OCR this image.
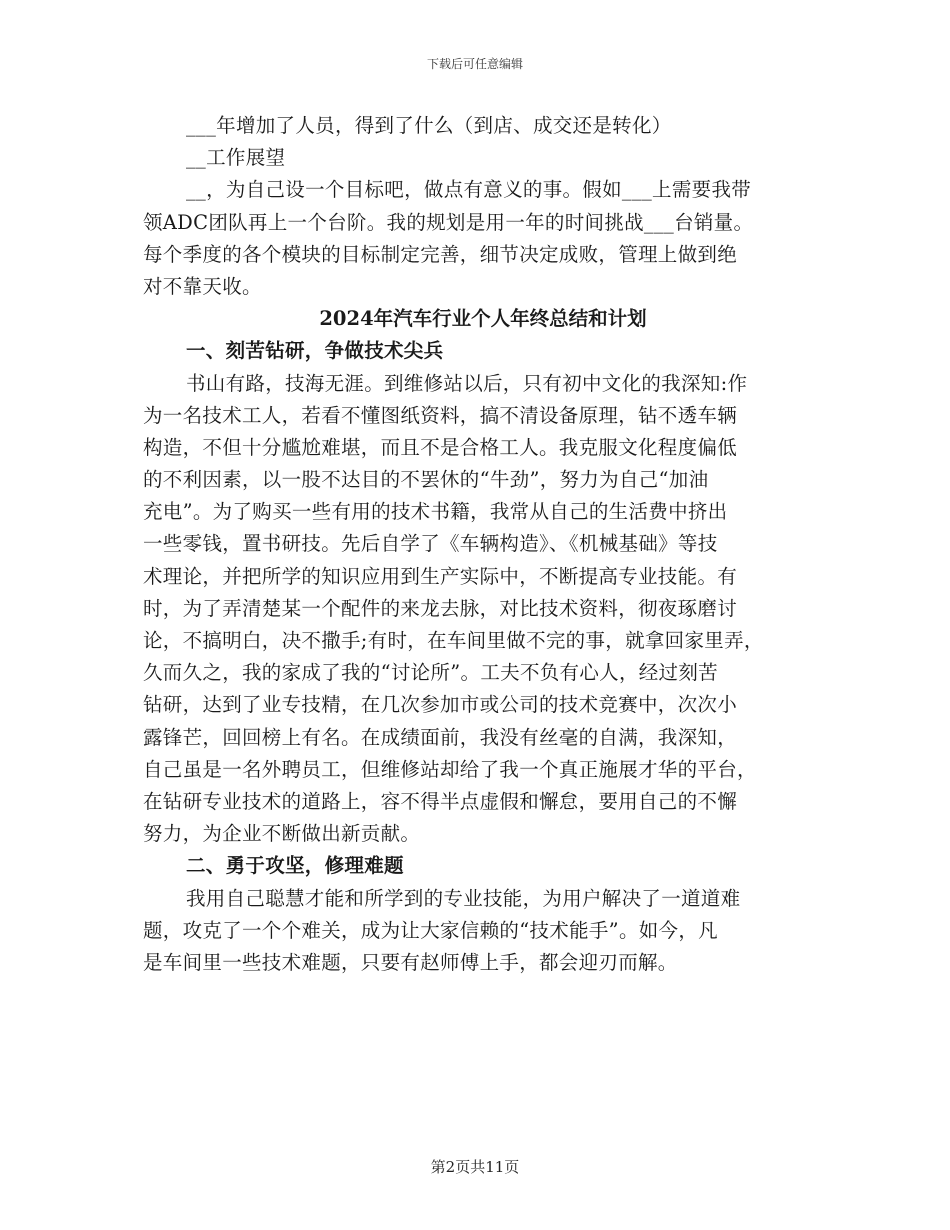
下载后可任意编辑
___年增加了人员，得到了什么（到店、成交还是转化）
__工作展望
__，为自己设一个目标吧，做点有意义的事。假如___上需要我带
领ADC团队再上一个台阶。我的规划是用一年的时间挑战___台销量。
每个季度的各个模块的目标制定完善，细节决定成败，管理上做到绝
对不靠天收。
2024年汽车行业个人年终总结和计划
一、刻苦钻研，争做技术尖兵
书山有路，技海无涯。到维修站以后，只有初中文化的我深知:作
为一名技术工人，若看不懂图纸资料，搞不清设备原理，钻不透车辆
构造，不但十分尴尬难堪，而且不是合格工人。我克服文化程度偏低
的不利因素，以一股不达目的不罢休的“牛劲”，努力为自己“加油
充电”。为了购买一些有用的技术书籍，我常从自己的生活费中挤出
一些零钱，置书研技。先后自学了《车辆构造》、《机械基础》等技
术理论，并把所学的知识应用到生产实际中，不断提高专业技能。有
时，为了弄清楚某一个配件的来龙去脉，对比技术资料，彻夜琢磨讨
论，不搞明白，决不撒手;有时，在车间里做不完的事，就拿回家里弄，
久而久之，我的家成了我的“讨论所”。工夫不负有心人，经过刻苦
钻研，达到了业专技精，在几次参加市或公司的技术竞赛中，次次小
露锋芒，回回榜上有名。在成绩面前，我没有丝毫的自满，我深知，
自己虽是一名外聘员工，但维修站却给了我一个真正施展才华的平台，
在钻研专业技术的道路上，容不得半点虚假和懈怠，要用自己的不懈
努力，为企业不断做出新贡献。
二、勇于攻坚，修理难题
我用自己聪慧才能和所学到的专业技能，为用户解决了一道道难
题，攻克了一个个难关，成为让大家信赖的“技术能手”。如今，凡
是车间里一些技术难题，只要有赵师傅上手，都会迎刃而解。
第2页共11页
